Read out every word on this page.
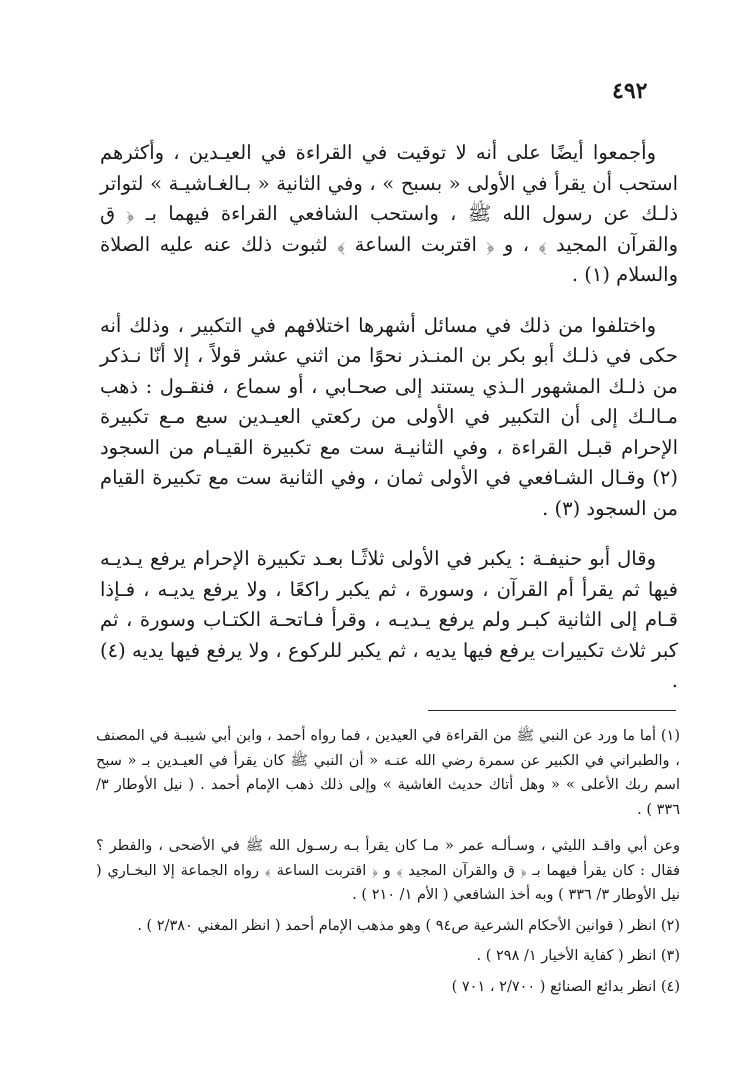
٤٩٢

وأجمعوا أيضًا على أنه لا توقيت في القراءة في العيـدين ، وأكثرهم استحب أن يقرأ في الأولى « بسبح » ، وفي الثانية « بـالغـاشيـة » لتواتر ذلـك عن رسول الله ﷺ ، واستحب الشافعي القراءة فيهما بـ ﴿ ق والقرآن المجيد ﴾ ، و ﴿ اقتربت الساعة ﴾ لثبوت ذلك عنه عليه الصلاة والسلام (١) .

واختلفوا من ذلك في مسائل أشهرها اختلافهم في التكبير ، وذلك أنه حكى في ذلـك أبو بكر بن المنـذر نحوًا من اثني عشر قولاً ، إلا أنّا نـذكر من ذلـك المشهور الـذي يستند إلى صحـابي ، أو سماع ، فنقـول : ذهب مـالـك إلى أن التكبير في الأولى من ركعتي العيـدين سبع مـع تكبيرة الإحرام قبـل القراءة ، وفي الثانيـة ست مع تكبيرة القيـام من السجود (٢) وقـال الشـافعي في الأولى ثمان ، وفي الثانية ست مع تكبيرة القيام من السجود (٣) .

وقال أبو حنيفـة : يكبر في الأولى ثلاثًـا بعـد تكبيرة الإحرام يرفع يـديـه فيها ثم يقرأ أم القرآن ، وسورة ، ثم يكبر راكعًا ، ولا يرفع يديـه ، فـإذا قـام إلى الثانية كبـر ولم يرفع يـديـه ، وقرأ فـاتحـة الكتـاب وسورة ، ثم كبر ثلاث تكبيرات يرفع فيها يديه ، ثم يكبر للركوع ، ولا يرفع فيها يديه (٤) .

(١) أما ما ورد عن النبي ﷺ من القراءة في العيدين ، فما رواه أحمد ، وابن أبي شيبـة في المصنف ، والطبراني في الكبير عن سمرة رضي الله عنـه « أن النبي ﷺ كان يقرأ في العيـدين بـ « سبح اسم ربك الأعلى » « وهل أتاك حديث الغاشية » وإلى ذلك ذهب الإمام أحمد . ( نيل الأوطار ٣/ ٣٣٦ ) .

وعن أبي واقـد الليثي ، وسـألـه عمر « مـا كان يقرأ بـه رسـول الله ﷺ في الأضحى ، والفطر ؟ فقال : كان يقرأ فيهما بـ ﴿ ق والقرآن المجيد ﴾ و ﴿ اقتربت الساعة ﴾ رواه الجماعة إلا البخـاري ( نيل الأوطار ٣/ ٣٣٦ ) وبه أخذ الشافعي ( الأم ١/ ٢١٠ ) .

(٢) انظر ( قوانين الأحكام الشرعية ص٩٤ ) وهو مذهب الإمام أحمد ( انظر المغني ٢/٣٨٠ ) .

(٣) انظر ( كفاية الأخيار ١/ ٢٩٨ ) .

(٤) انظر بدائع الصنائع ( ٢/٧٠٠ ، ٧٠١ )
